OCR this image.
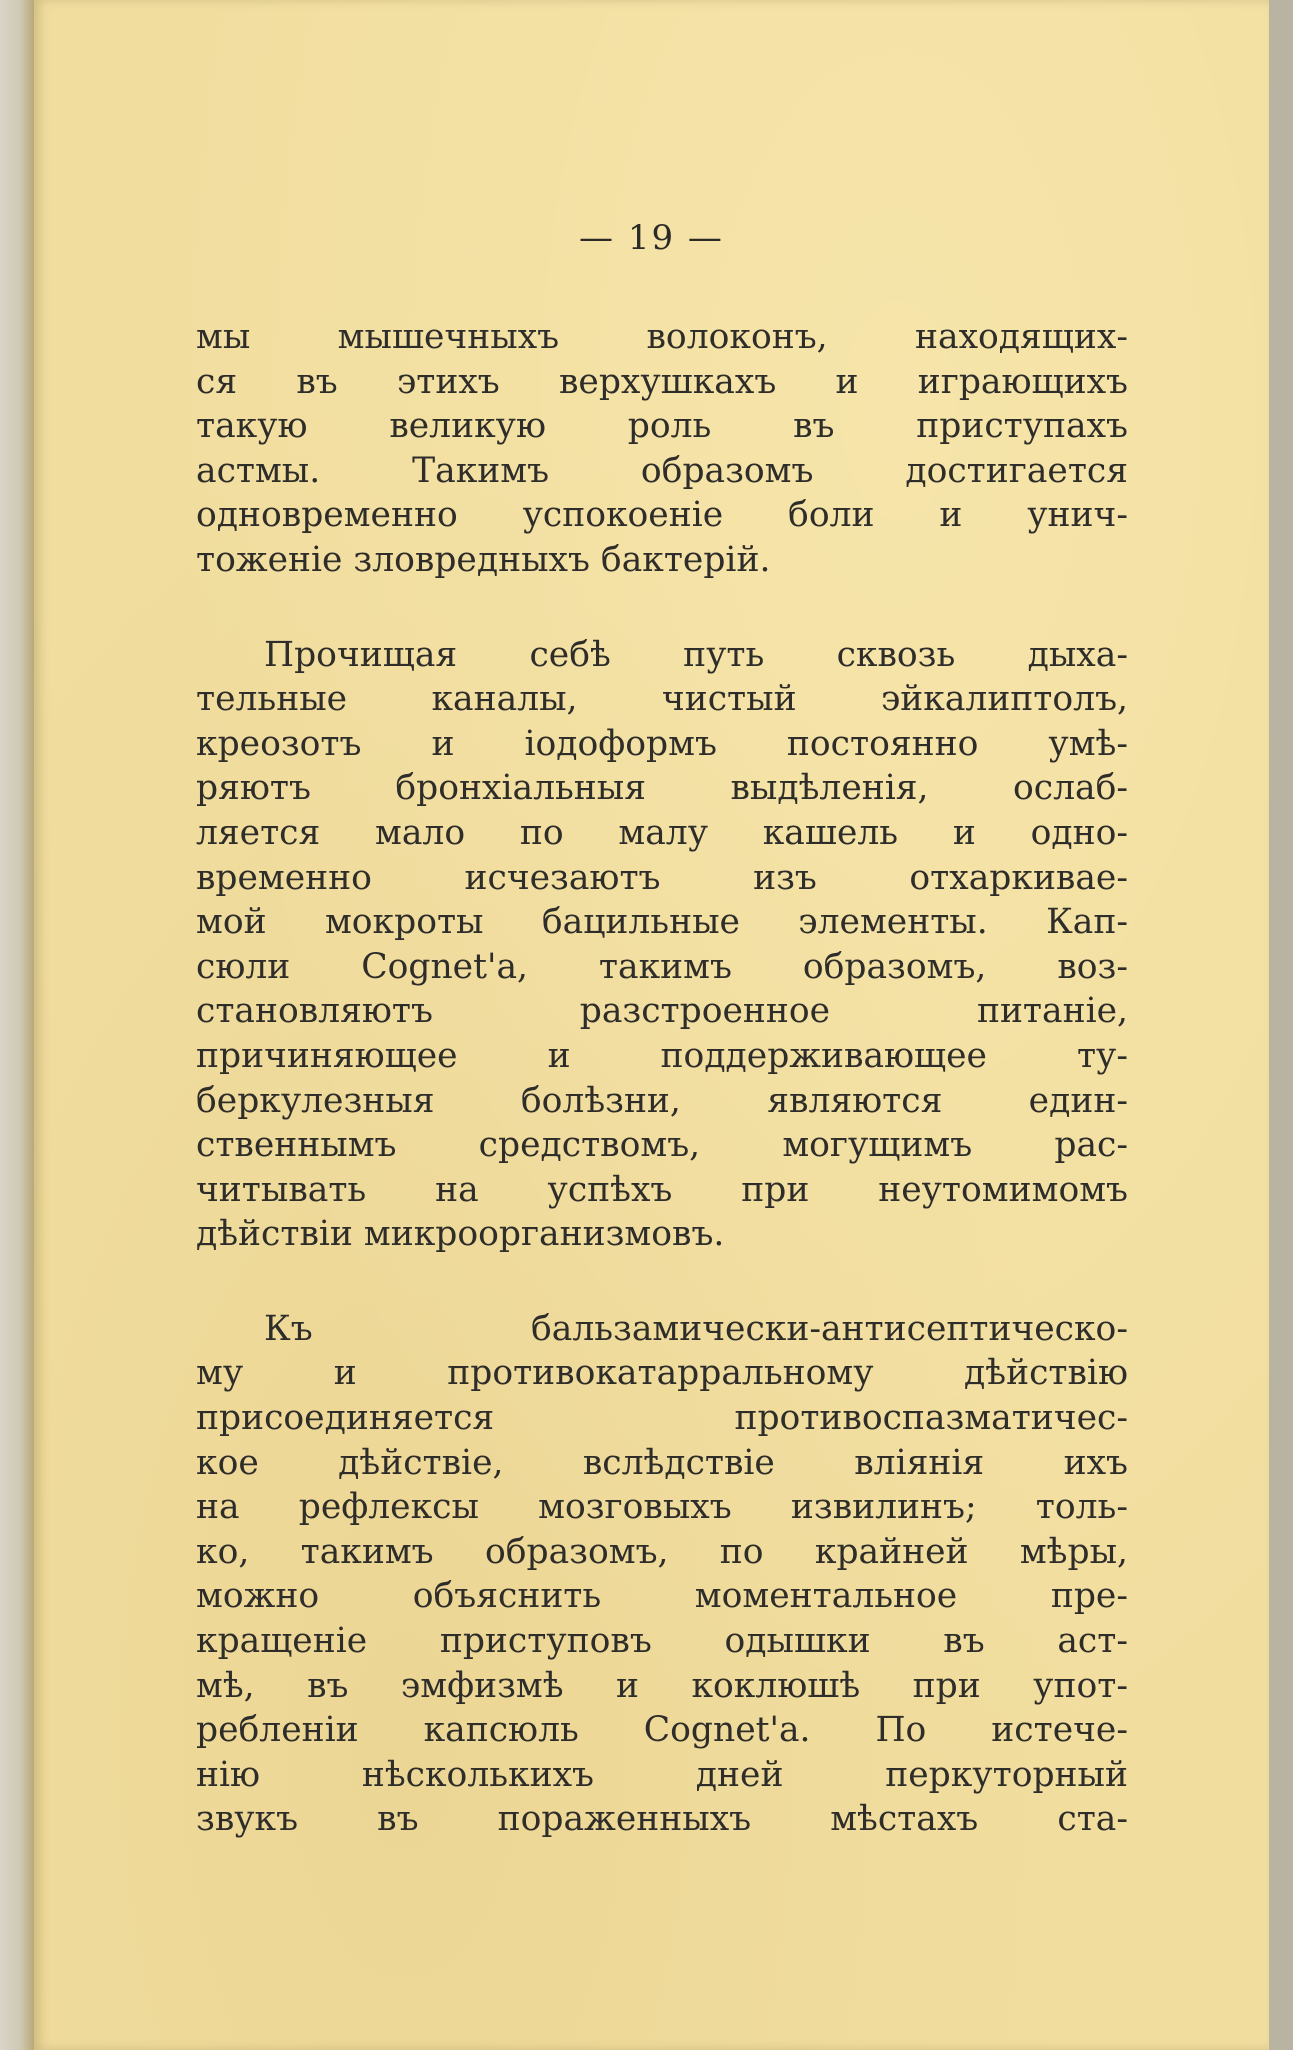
— 19 —

мы мышечныхъ волоконъ, находящих-
ся въ этихъ верхушкахъ и играющихъ
такую великую роль въ приступахъ
астмы. Такимъ образомъ достигается
одновременно успокоенiе боли и унич-
тоженiе зловредныхъ бактерiй.

Прочищая себѣ путь сквозь дыха-
тельные каналы, чистый эйкалиптолъ,
креозотъ и iодоформъ постоянно умѣ-
ряютъ бронхiальныя выдѣленiя, ослаб-
ляется мало по малу кашель и одно-
временно исчезаютъ изъ отхаркивае-
мой мокроты бацильные элементы. Кап-
сюли Cognet'а, такимъ образомъ, воз-
становляютъ разстроенное питанiе,
причиняющее и поддерживающее ту-
беркулезныя болѣзни, являются един-
ственнымъ средствомъ, могущимъ рас-
читывать на успѣхъ при неутомимомъ
дѣйствiи микроорганизмовъ.

Къ бальзамически-антисептическо-
му и противокатарральному дѣйствiю
присоединяется противоспазматичес-
кое дѣйствiе, вслѣдствiе влiянiя ихъ
на рефлексы мозговыхъ извилинъ; толь-
ко, такимъ образомъ, по крайней мѣры,
можно объяснить моментальное пре-
кращенiе приступовъ одышки въ аст-
мѣ, въ эмфизмѣ и коклюшѣ при упот-
ребленiи капсюль Cognet'а. По истече-
нiю нѣсколькихъ дней перкуторный
звукъ въ пораженныхъ мѣстахъ ста-
